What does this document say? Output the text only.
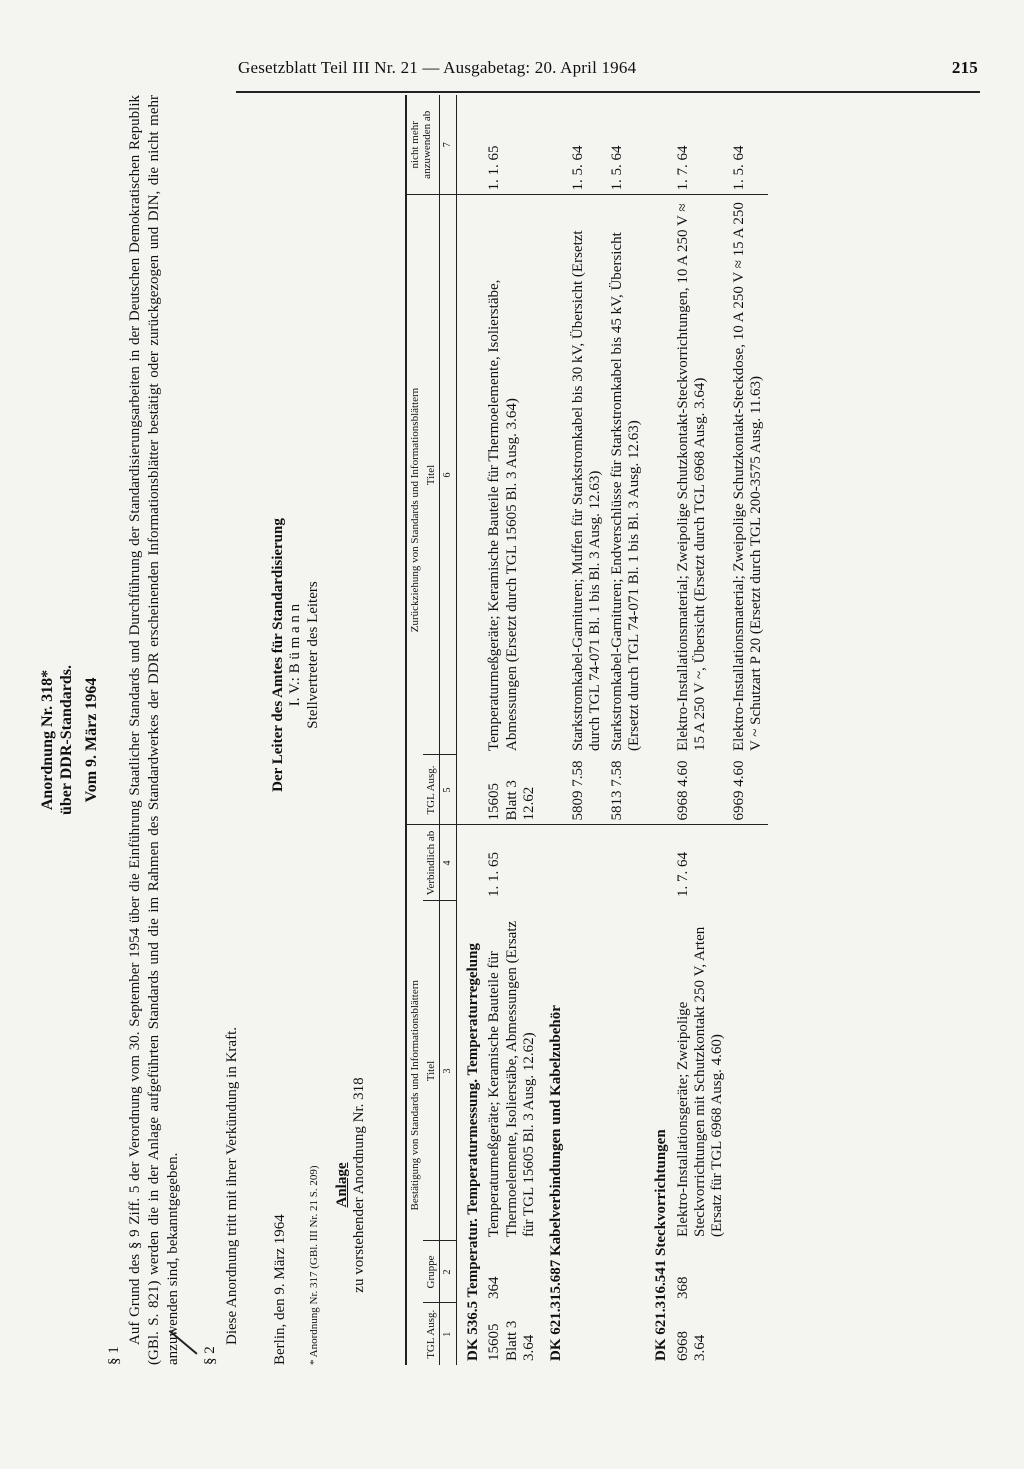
Gesetzblatt Teil III Nr. 21 — Ausgabetag: 20. April 1964	215
Anordnung Nr. 318* über DDR-Standards. Vom 9. März 1964
§ 1
Auf Grund des § 9 Ziff. 5 der Verordnung vom 30. September 1954 über die Einführung Staatlicher Standards und Durchführung der Standardisierungsarbeiten in der Deutschen Demokratischen Republik (GBl. S. 821) werden die in der Anlage aufgeführten Standards und die im Rahmen des Standardwerkes der DDR erscheinenden Informationsblätter bestätigt oder zurückgezogen und DIN, die nicht mehr anzuwenden sind, bekanntgegeben. § 2
Diese Anordnung tritt mit ihrer Verkündung in Kraft. Berlin, den 9. März 1964
Der Leiter des Amtes für Standardisierung I. V.: B ü m a n n Stellvertreter des Leiters
* Anordnung Nr. 317 (GBl. III Nr. 21 S. 209) Anlage zu vorstehender Anordnung Nr. 318	Bestätigung von Standards und Informationsblättern				Zurückziehung von Standards und Informationsblättern		nicht mehr anzuwenden ab
TGL Ausg.	Gruppe	Titel	Verbindlich ab	TGL Ausg.	Titel	
1	2	3	4	5	6	7
DK 536.5 Temperatur. Temperaturmessung. Temperaturregelung						
15605 Blatt 3 3.64	364	Temperaturmeßgeräte; Keramische Bauteile für Thermoelemente, Isolierstäbe, Abmessungen (Ersatz für TGL 15605 Bl. 3 Ausg. 12.62)	1. 1. 65	15605 Blatt 3 12.62	Temperaturmeßgeräte; Keramische Bauteile für Thermoelemente, Isolierstäbe, Abmessungen (Ersetzt durch TGL 15605 Bl. 3 Ausg. 3.64)	1. 1. 65
DK 621.315.687 Kabelverbindungen und Kabelzubehör						
				5809 7.58	Starkstromkabel-Garnituren; Muffen für Starkstromkabel bis 30 kV, Übersicht (Ersetzt durch TGL 74-071 Bl. 1 bis Bl. 3 Ausg. 12.63)	1. 5. 64
				5813 7.58	Starkstromkabel-Garnituren; Endverschlüsse für Starkstromkabel bis 45 kV, Übersicht (Ersetzt durch TGL 74-071 Bl. 1 bis Bl. 3 Ausg. 12.63)	1. 5. 64
DK 621.316.541 Steckvorrichtungen						
6968 3.64	368	Elektro-Installationsgeräte; Zweipolige Steckvorrichtungen mit Schutzkontakt 250 V, Arten (Ersatz für TGL 6968 Ausg. 4.60)	1. 7. 64	6968 4.60	Elektro-Installationsmaterial; Zweipolige Schutzkontakt-Steckvorrichtungen, 10 A 250 V ≈ 15 A 250 V ~, Übersicht (Ersetzt durch TGL 6968 Ausg. 3.64)	1. 7. 64
				6969 4.60	Elektro-Installationsmaterial; Zweipolige Schutzkontakt-Steckdose, 10 A 250 V ≈ 15 A 250 V ~ Schutzart P 20 (Ersetzt durch TGL 200-3575 Ausg. 11.63)	1. 5. 64
